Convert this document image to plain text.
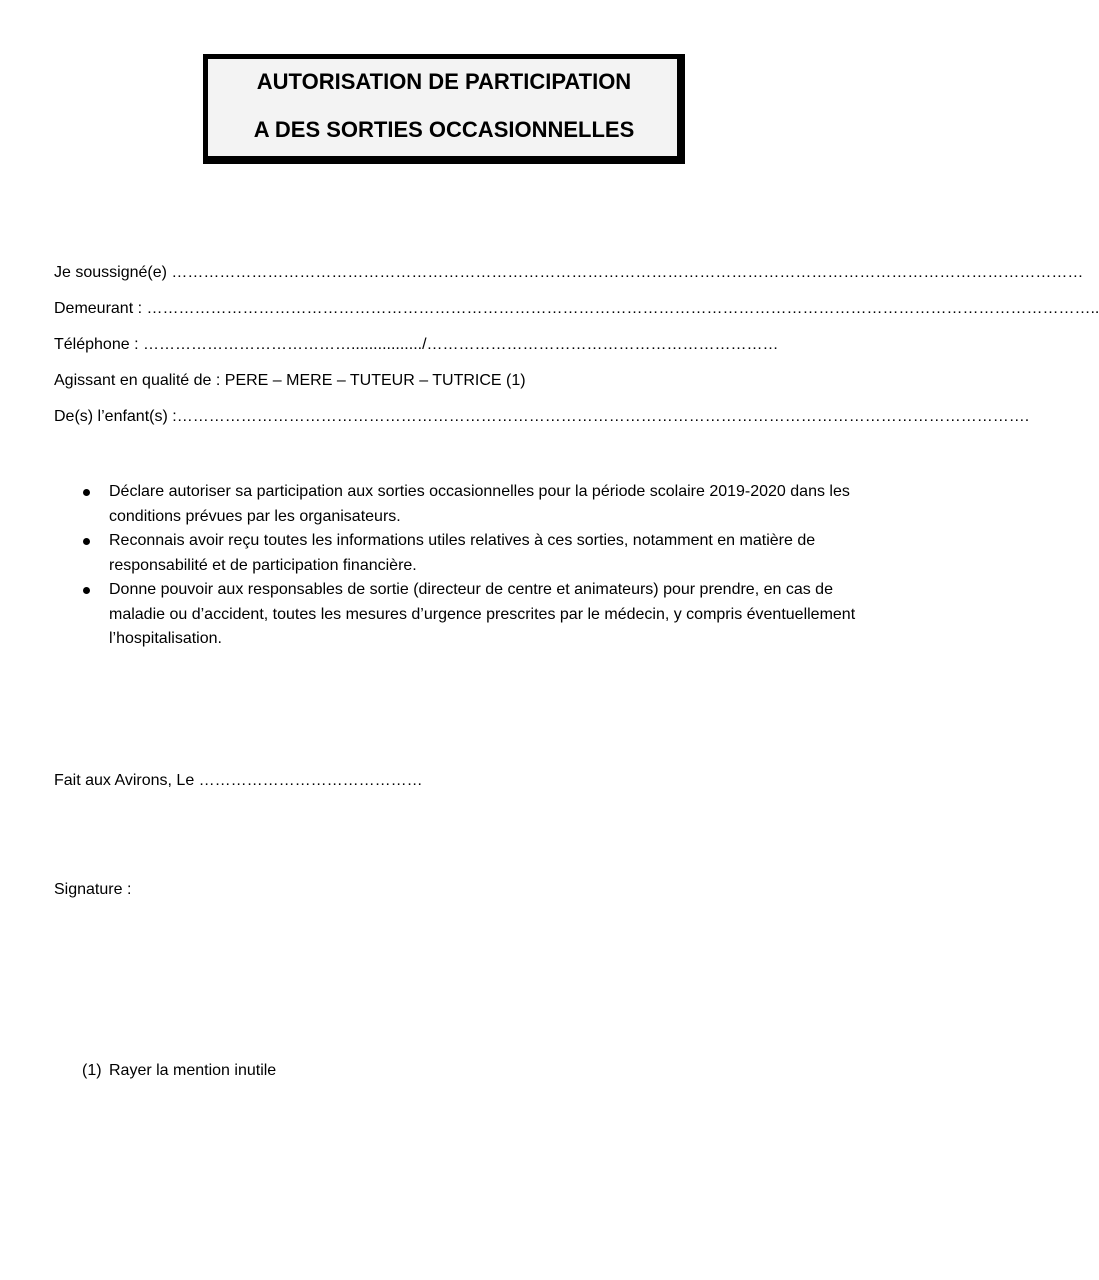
AUTORISATION DE PARTICIPATION
A DES SORTIES OCCASIONNELLES
Je soussigné(e) ………………………………………………………………………………………………………………………………………………………
Demeurant : ……………………………………………………………………………………………………………………………………………………………..
Téléphone : …………………………………................/…………………………………………………………
Agissant en qualité de : PERE – MERE – TUTEUR – TUTRICE (1)
De(s) l’enfant(s) :…………………………………………………………………………………………………………………………………………….
Déclare autoriser sa participation aux sorties occasionnelles pour la période scolaire 2019-2020 dans les conditions prévues par les organisateurs.
Reconnais avoir reçu toutes les informations utiles relatives à ces sorties, notamment en matière de responsabilité et de participation financière.
Donne pouvoir aux responsables de sortie (directeur de centre et animateurs) pour prendre, en cas de maladie ou d’accident, toutes les mesures d’urgence prescrites par le médecin, y compris éventuellement l’hospitalisation.
Fait aux Avirons, Le ……………………………………
Signature :
(1) Rayer la mention inutile
